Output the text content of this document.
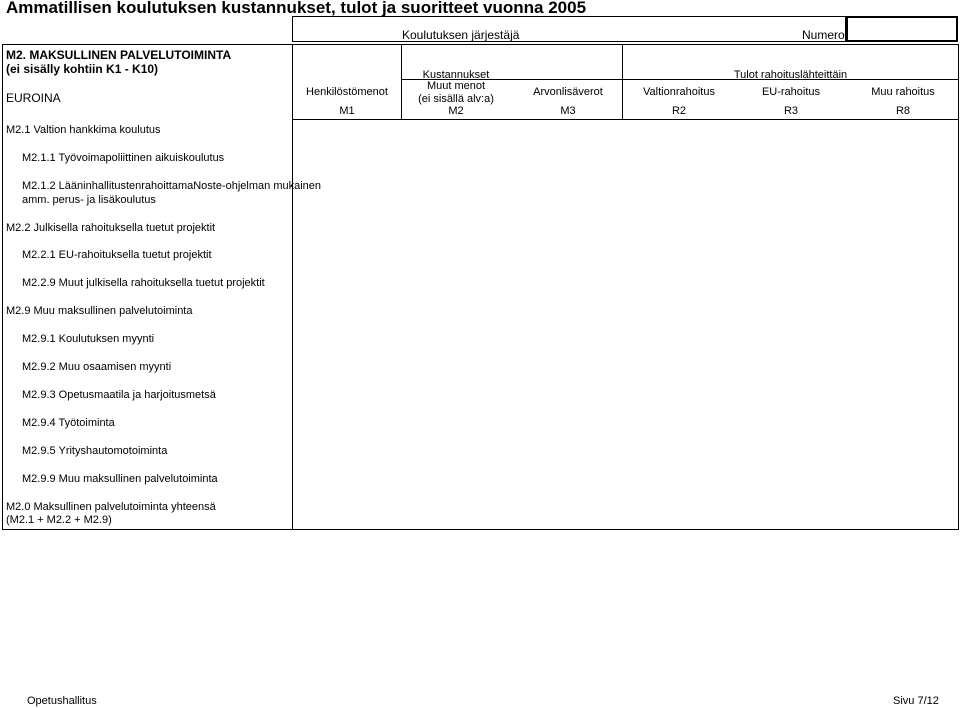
Ammatillisen koulutuksen kustannukset, tulot ja suoritteet vuonna 2005
Koulutuksen järjestäjä	Numero
M2. MAKSULLINEN PALVELUTOIMINTA
(ei sisälly kohtiin K1 - K10)
EUROINA
Kustannukset	Tulot rahoituslähteittäin
Henkilöstömenot	Muut menot
(ei sisällä alv:a)
Arvonlisäverot	Valtionrahoitus	EU-rahoitus	Muu rahoitus
M1	M2	M3	R2	R3	R8
M2.1 Valtion hankkima koulutus
M2.1.1 Työvoimapoliittinen aikuiskoulutus
M2.1.2 LääninhallitustenrahoittamaNoste-ohjelman mukainen
amm. perus- ja lisäkoulutus
M2.2 Julkisella rahoituksella tuetut projektit
M2.2.1 EU-rahoituksella tuetut projektit
M2.2.9 Muut julkisella rahoituksella tuetut projektit
M2.9 Muu maksullinen palvelutoiminta
M2.9.1 Koulutuksen myynti
M2.9.2 Muu osaamisen myynti
M2.9.3 Opetusmaatila ja harjoitusmetsä
M2.9.4 Työtoiminta
M2.9.5 Yrityshautomotoiminta
M2.9.9 Muu maksullinen palvelutoiminta
M2.0 Maksullinen palvelutoiminta yhteensä
(M2.1 + M2.2 + M2.9)
Opetushallitus	Sivu 7/12
